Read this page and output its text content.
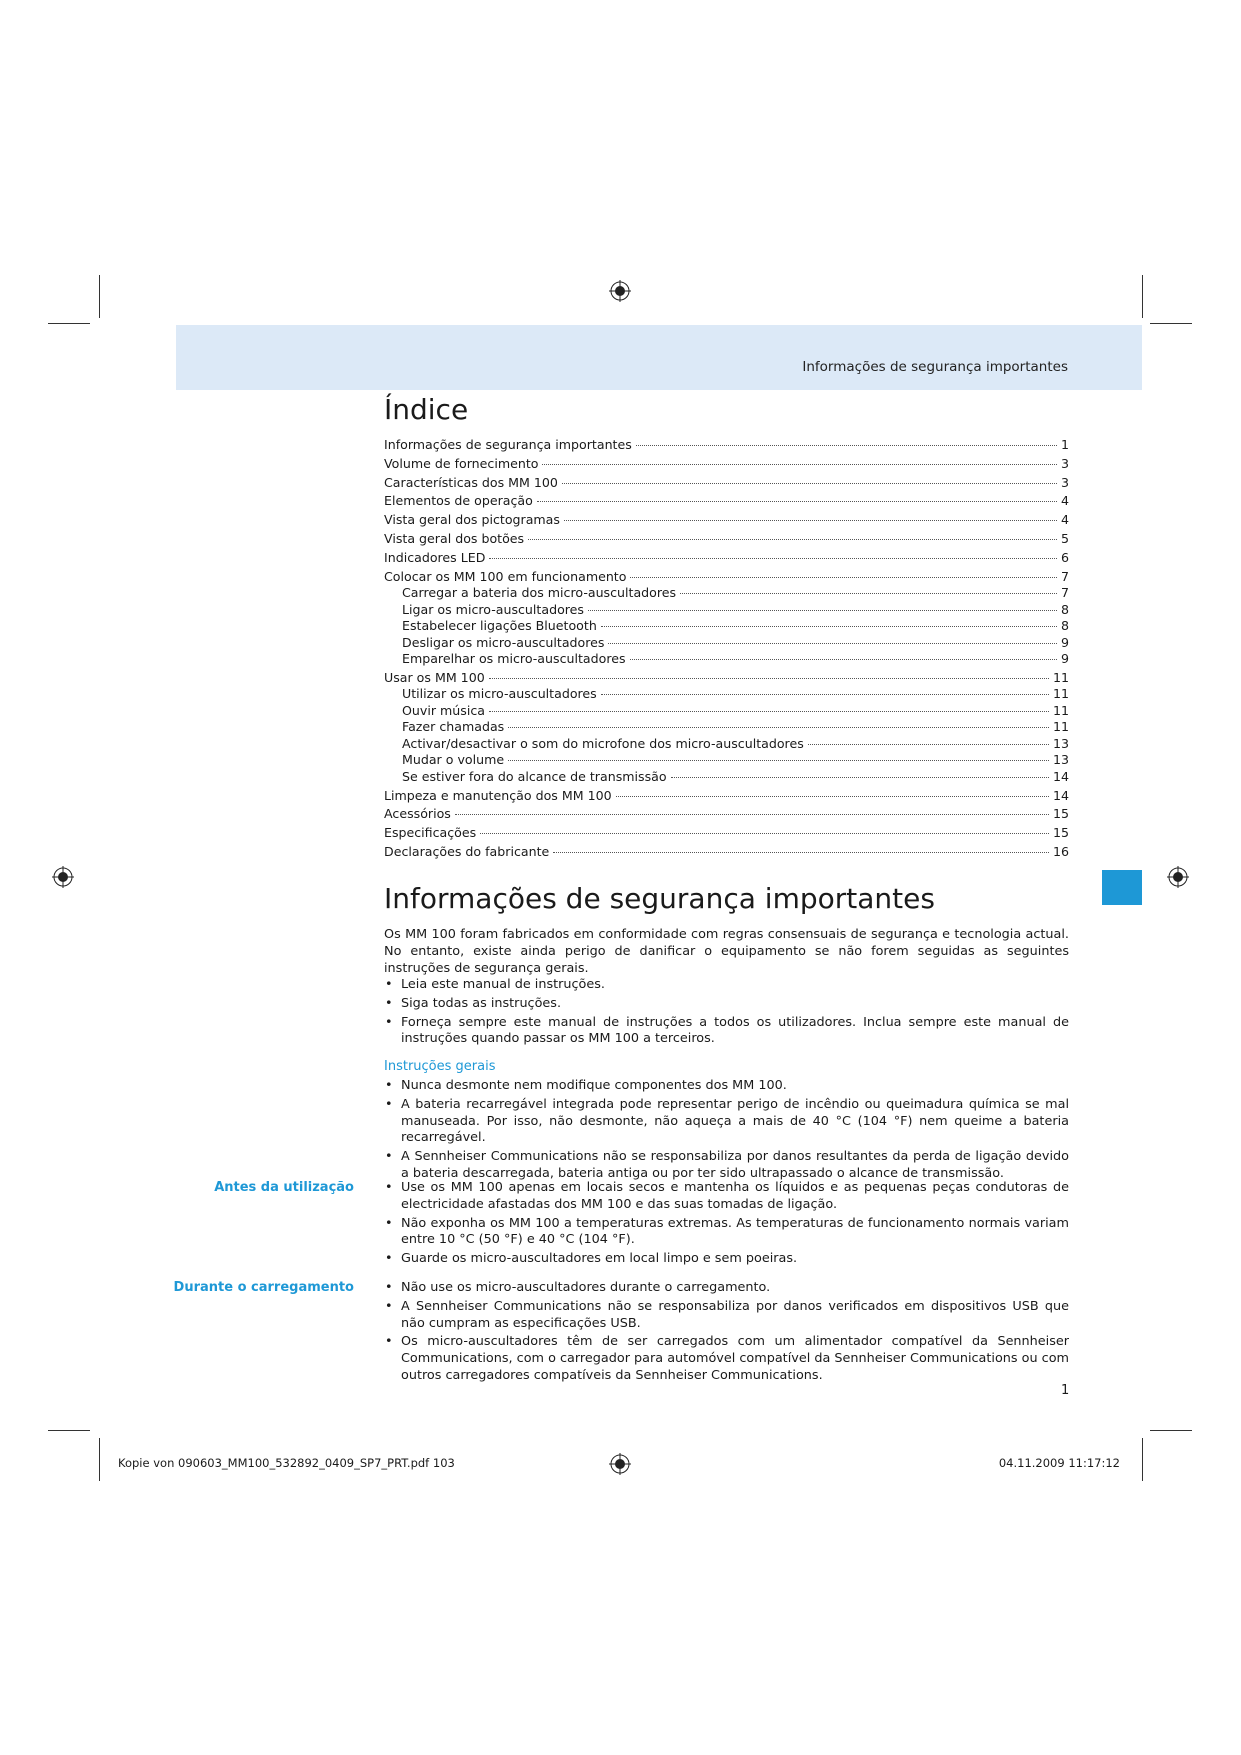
Informações de segurança importantes
Índice
Informações de segurança importantes	1
Volume de fornecimento	3
Características dos MM 100	3
Elementos de operação	4
Vista geral dos pictogramas	4
Vista geral dos botões	5
Indicadores LED	6
Colocar os MM 100 em funcionamento	7
Carregar a bateria dos micro-auscultadores	7
Ligar os micro-auscultadores	8
Estabelecer ligações Bluetooth	8
Desligar os micro-auscultadores	9
Emparelhar os micro-auscultadores	9
Usar os MM 100	11
Utilizar os micro-auscultadores	11
Ouvir música	11
Fazer chamadas	11
Activar/desactivar o som do microfone dos micro-auscultadores	13
Mudar o volume	13
Se estiver fora do alcance de transmissão	14
Limpeza e manutenção dos MM 100	14
Acessórios	15
Especificações	15
Declarações do fabricante	16
Informações de segurança importantes
Os MM 100 foram fabricados em conformidade com regras consensuais de segurança e tecnologia actual. No entanto, existe ainda perigo de danificar o equipamento se não forem seguidas as seguintes instruções de segurança gerais.
• Leia este manual de instruções.
• Siga todas as instruções.
• Forneça sempre este manual de instruções a todos os utilizadores. Inclua sempre este manual de instruções quando passar os MM 100 a terceiros.
Instruções gerais
• Nunca desmonte nem modifique componentes dos MM 100.
• A bateria recarregável integrada pode representar perigo de incêndio ou queimadura química se mal manuseada. Por isso, não desmonte, não aqueça a mais de 40 °C (104 °F) nem queime a bateria recarregável.
• A Sennheiser Communications não se responsabiliza por danos resultantes da perda de ligação devido a bateria descarregada, bateria antiga ou por ter sido ultrapassado o alcance de transmissão.
Antes da utilização	• Use os MM 100 apenas em locais secos e mantenha os líquidos e as pequenas peças condutoras de electricidade afastadas dos MM 100 e das suas tomadas de ligação.
• Não exponha os MM 100 a temperaturas extremas. As temperaturas de funcionamento normais variam entre 10 °C (50 °F) e 40 °C (104 °F).
• Guarde os micro-auscultadores em local limpo e sem poeiras.
Durante o carregamento	• Não use os micro-auscultadores durante o carregamento.
• A Sennheiser Communications não se responsabiliza por danos verificados em dispositivos USB que não cumpram as especificações USB.
• Os micro-auscultadores têm de ser carregados com um alimentador compatível da Sennheiser Communications, com o carregador para automóvel compatível da Sennheiser Communications ou com outros carregadores compatíveis da Sennheiser Communications.
1
Kopie von 090603_MM100_532892_0409_SP7_PRT.pdf 103	04.11.2009 11:17:12
